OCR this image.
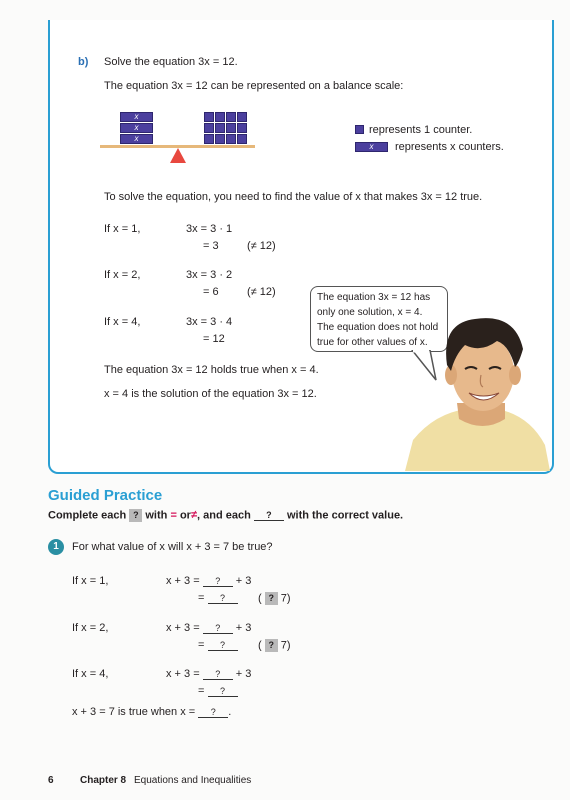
b) Solve the equation 3x = 12.
The equation 3x = 12 can be represented on a balance scale:
x
x
x
represents 1 counter.
x	represents x counters.
To solve the equation, you need to find the value of x that makes 3x = 12 true.
If x = 1,	3x = 3 · 1
= 3	(≠ 12)
If x = 2,	3x = 3 · 2
= 6	(≠ 12)
If x = 4,	3x = 3 · 4
= 12
The equation 3x = 12 holds true when x = 4.
x = 4 is the solution of the equation 3x = 12.
The equation 3x = 12 has only one solution, x = 4. The equation does not hold true for other values of x.
Guided Practice
Complete each ? with = or ≠, and each ? with the correct value.
1	For what value of x will x + 3 = 7 be true?
If x = 1,	x + 3 = ? + 3
= ?	( ? 7)
If x = 2,	x + 3 = ? + 3
= ?	( ? 7)
If x = 4,	x + 3 = ? + 3
= ?
x + 3 = 7 is true when x = ? .
6	Chapter 8 Equations and Inequalities
